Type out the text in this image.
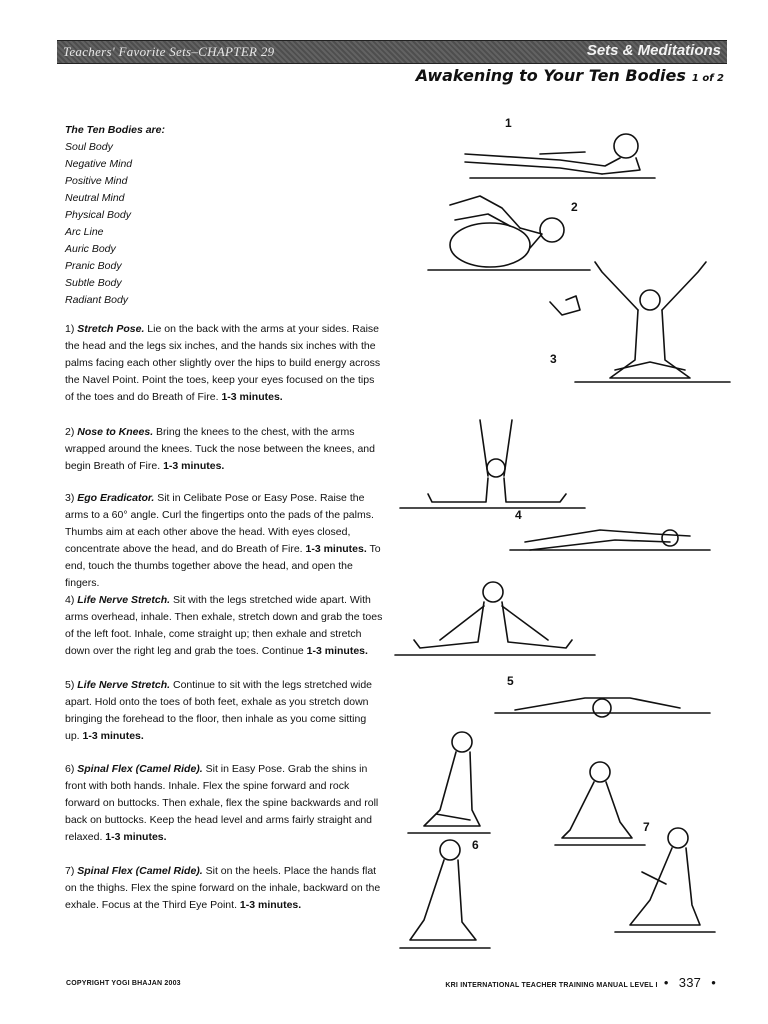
Teachers' Favorite Sets–CHAPTER 29	Sets & Meditations
Awakening to Your Ten Bodies 1 of 2
The Ten Bodies are:
Soul Body
Negative Mind
Positive Mind
Neutral Mind
Physical Body
Arc Line
Auric Body
Pranic Body
Subtle Body
Radiant Body
1) Stretch Pose. Lie on the back with the arms at your sides. Raise the head and the legs six inches, and the hands six inches with the palms facing each other slightly over the hips to build energy across the Navel Point. Point the toes, keep your eyes focused on the tips of the toes and do Breath of Fire. 1-3 minutes.
2) Nose to Knees. Bring the knees to the chest, with the arms wrapped around the knees. Tuck the nose between the knees, and begin Breath of Fire. 1-3 minutes.
3) Ego Eradicator. Sit in Celibate Pose or Easy Pose. Raise the arms to a 60° angle. Curl the fingertips onto the pads of the palms. Thumbs aim at each other above the head. With eyes closed, concentrate above the head, and do Breath of Fire. 1-3 minutes. To end, touch the thumbs together above the head, and open the fingers.
4) Life Nerve Stretch. Sit with the legs stretched wide apart. With arms overhead, inhale. Then exhale, stretch down and grab the toes of the left foot. Inhale, come straight up; then exhale and stretch down over the right leg and grab the toes. Continue 1-3 minutes.
5) Life Nerve Stretch. Continue to sit with the legs stretched wide apart. Hold onto the toes of both feet, exhale as you stretch down bringing the forehead to the floor, then inhale as you come sitting up. 1-3 minutes.
6) Spinal Flex (Camel Ride). Sit in Easy Pose. Grab the shins in front with both hands. Inhale. Flex the spine forward and rock forward on buttocks. Then exhale, flex the spine backwards and roll back on buttocks. Keep the head level and arms fairly straight and relaxed. 1-3 minutes.
7) Spinal Flex (Camel Ride). Sit on the heels. Place the hands flat on the thighs. Flex the spine forward on the inhale, backward on the exhale. Focus at the Third Eye Point. 1-3 minutes.
1
2
3
4
5
6
7
COPYRIGHT YOGI BHAJAN 2003	KRI INTERNATIONAL TEACHER TRAINING MANUAL LEVEL I • 337 •
